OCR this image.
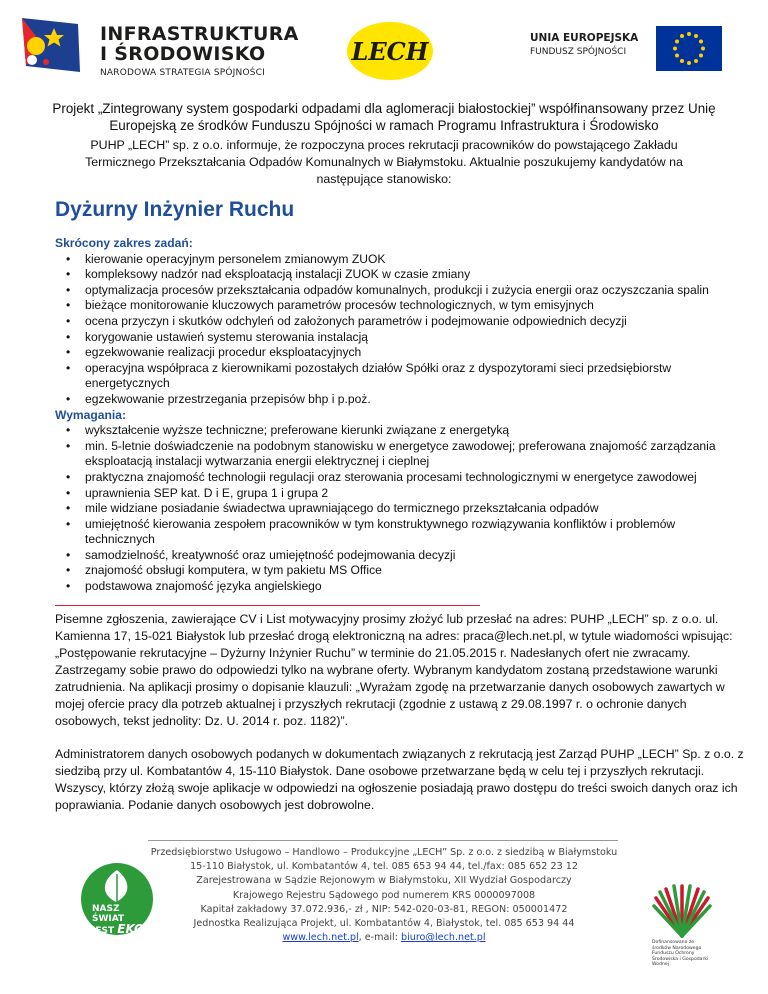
INFRASTRUKTURA
I ŚRODOWISKO
NARODOWA STRATEGIA SPÓJNOŚCI
LECH	UNIA EUROPEJSKA
FUNDUSZ SPÓJNOŚCI

Projekt „Zintegrowany system gospodarki odpadami dla aglomeracji białostockiej” współfinansowany przez Unię Europejską ze środków Funduszu Spójności w ramach Programu Infrastruktura i Środowisko

PUHP „LECH” sp. z o.o. informuje, że rozpoczyna proces rekrutacji pracowników do powstającego Zakładu Termicznego Przekształcania Odpadów Komunalnych w Białymstoku. Aktualnie poszukujemy kandydatów na następujące stanowisko:

Dyżurny Inżynier Ruchu
Skrócony zakres zadań:
• kierowanie operacyjnym personelem zmianowym ZUOK
• kompleksowy nadzór nad eksploatacją instalacji ZUOK w czasie zmiany
• optymalizacja procesów przekształcania odpadów komunalnych, produkcji i zużycia energii oraz oczyszczania spalin
• bieżące monitorowanie kluczowych parametrów procesów technologicznych, w tym emisyjnych
• ocena przyczyn i skutków odchyleń od założonych parametrów i podejmowanie odpowiednich decyzji
• korygowanie ustawień systemu sterowania instalacją
• egzekwowanie realizacji procedur eksploatacyjnych
• operacyjna współpraca z kierownikami pozostałych działów Spółki oraz z dyspozytorami sieci przedsiębiorstw energetycznych
• egzekwowanie przestrzegania przepisów bhp i p.poż.
Wymagania:
• wykształcenie wyższe techniczne; preferowane kierunki związane z energetyką
• min. 5-letnie doświadczenie na podobnym stanowisku w energetyce zawodowej; preferowana znajomość zarządzania eksploatacją instalacji wytwarzania energii elektrycznej i cieplnej
• praktyczna znajomość technologii regulacji oraz sterowania procesami technologicznymi w energetyce zawodowej
• uprawnienia SEP kat. D i E, grupa 1 i grupa 2
• mile widziane posiadanie świadectwa uprawniającego do termicznego przekształcania odpadów
• umiejętność kierowania zespołem pracowników w tym konstruktywnego rozwiązywania konfliktów i problemów technicznych
• samodzielność, kreatywność oraz umiejętność podejmowania decyzji
• znajomość obsługi komputera, w tym pakietu MS Office
• podstawowa znajomość języka angielskiego

Pisemne zgłoszenia, zawierające CV i List motywacyjny prosimy złożyć lub przesłać na adres: PUHP „LECH” sp. z o.o. ul. Kamienna 17, 15-021 Białystok lub przesłać drogą elektroniczną na adres: praca@lech.net.pl, w tytule wiadomości wpisując: „Postępowanie rekrutacyjne – Dyżurny Inżynier Ruchu” w terminie do 21.05.2015 r. Nadesłanych ofert nie zwracamy. Zastrzegamy sobie prawo do odpowiedzi tylko na wybrane oferty. Wybranym kandydatom zostaną przedstawione warunki zatrudnienia. Na aplikacji prosimy o dopisanie klauzuli: „Wyrażam zgodę na przetwarzanie danych osobowych zawartych w mojej ofercie pracy dla potrzeb aktualnej i przyszłych rekrutacji (zgodnie z ustawą z 29.08.1997 r. o ochronie danych osobowych, tekst jednolity: Dz. U. 2014 r. poz. 1182)”.

Administratorem danych osobowych podanych w dokumentach związanych z rekrutacją jest Zarząd PUHP „LECH” Sp. z o.o. z siedzibą przy ul. Kombatantów 4, 15-110 Białystok. Dane osobowe przetwarzane będą w celu tej i przyszłych rekrutacji. Wszyscy, którzy złożą swoje aplikacje w odpowiedzi na ogłoszenie posiadają prawo dostępu do treści swoich danych oraz ich poprawiania. Podanie danych osobowych jest dobrowolne.

Przedsiębiorstwo Usługowo – Handlowo – Produkcyjne „LECH” Sp. z o.o. z siedzibą w Białymstoku
15-110 Białystok, ul. Kombatantów 4, tel. 085 653 94 44, tel./fax: 085 652 23 12
Zarejestrowana w Sądzie Rejonowym w Białymstoku, XII Wydział Gospodarczy
Krajowego Rejestru Sądowego pod numerem KRS 0000097008
Kapitał zakładowy 37.072.936,- zł , NIP: 542-020-03-81, REGON: 050001472
Jednostka Realizująca Projekt, ul. Kombatantów 4, Białystok, tel. 085 653 94 44
www.lech.net.pl, e-mail: biuro@lech.net.pl
NASZ ŚWIAT
JEST EKO
Dofinansowano ze środków Narodowego Funduszu Ochrony Środowiska i Gospodarki Wodnej
